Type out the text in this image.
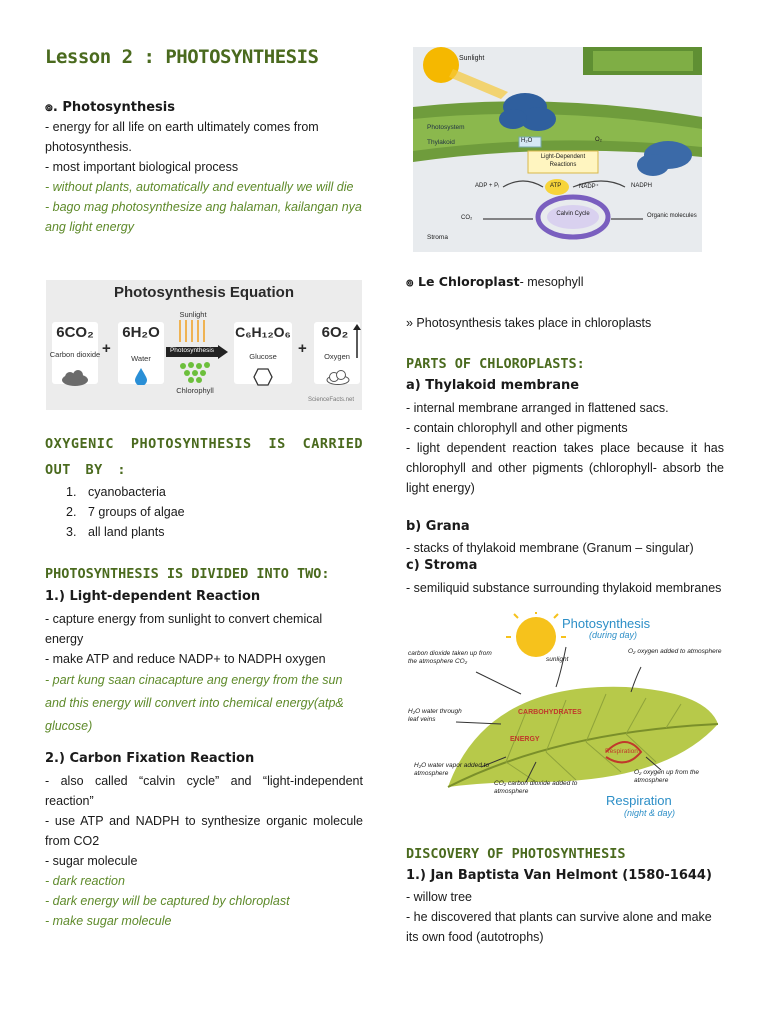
Lesson 2 : PHOTOSYNTHESIS
๏. Photosynthesis
- energy for all life on earth ultimately comes from photosynthesis.
- most important biological process
- without plants, automatically and eventually we will die
- bago mag photosynthesize ang halaman, kailangan nya ang light energy
Photosynthesis Equation
6CO₂
Carbon dioxide +
6H₂O
Water
Sunlight
Photosynthesis
Chlorophyll
C₆H₁₂O₆
Glucose	+
6O₂
Oxygen
ScienceFacts.net
OXYGENIC PHOTOSYNTHESIS IS CARRIED OUT BY :
1. cyanobacteria
2. 7 groups of algae
3. all land plants
PHOTOSYNTHESIS IS DIVIDED INTO TWO:
1.) Light-dependent Reaction
- capture energy from sunlight to convert chemical energy
- make ATP and reduce NADP+ to NADPH oxygen
- part kung saan cinacapture ang energy from the sun and this energy will convert into chemical energy(atp& glucose)
2.) Carbon Fixation Reaction
- also called “calvin cycle” and “light-independent reaction”
- use ATP and NADPH to synthesize organic molecule from CO2
- sugar molecule
- dark reaction
- dark energy will be captured by chloroplast
- make sugar molecule
Sunlight
Photosystem
Thylakoid	H₂O	O₂
Light-Dependent Reactions
ADP + Pᵢ	ATP	NADP⁺	NADPH
CO₂
Calvin Cycle	Organic molecules
Stroma
๏ Le Chloroplast- mesophyll
» Photosynthesis takes place in chloroplasts
PARTS OF CHLOROPLASTS:
a) Thylakoid membrane
- internal membrane arranged in flattened sacs.
- contain chlorophyll and other pigments
- light dependent reaction takes place because it has chlorophyll and other pigments (chlorophyll- absorb the light energy)
b) Grana
- stacks of thylakoid membrane (Granum – singular)
c) Stroma
- semiliquid substance surrounding thylakoid membranes
Photosynthesis
(during day)
carbon dioxide taken up from the atmosphere CO₂	sunlight
O₂ oxygen added to atmosphere
H₂O water through leaf veins
CARBOHYDRATES
ENERGY
Respiration
H₂O water vapor added to atmosphere
CO₂ carbon dioxide added to atmosphere
O₂ oxygen up from the atmosphere
Respiration
(night & day)
DISCOVERY OF PHOTOSYNTHESIS
1.) Jan Baptista Van Helmont (1580-1644)
- willow tree
- he discovered that plants can survive alone and make its own food (autotrophs)
